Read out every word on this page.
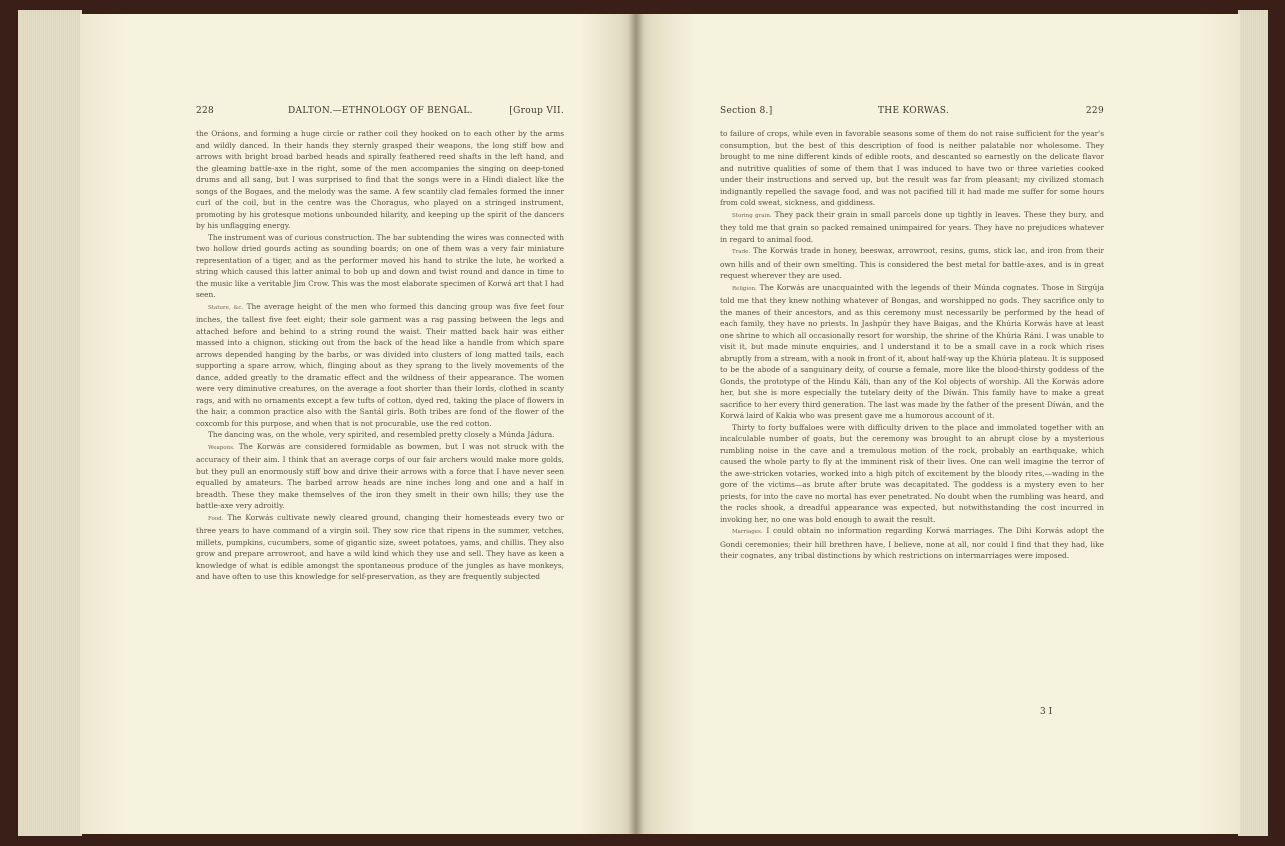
228	DALTON.—ETHNOLOGY OF BENGAL.	[Group VII.

the Oráons, and forming a huge circle or rather coil they hooked on to each other by the arms and wildly danced. In their hands they sternly grasped their weapons, the long stiff bow and arrows with bright broad barbed heads and spirally feathered reed shafts in the left hand, and the gleaming battle-axe in the right, some of the men accompanies the singing on deep-toned drums and all sang, but I was surprised to find that the songs were in a Hindi dialect like the songs of the Bogaes, and the melody was the same. A few scantily clad females formed the inner curl of the coil, but in the centre was the Choragus, who played on a stringed instrument, promoting by his grotesque motions unbounded hilarity, and keeping up the spirit of the dancers by his unflagging energy.

The instrument was of curious construction. The bar subtending the wires was connected with two hollow dried gourds acting as sounding boards; on one of them was a very fair miniature representation of a tiger, and as the performer moved his hand to strike the lute, he worked a string which caused this latter animal to bob up and down and twist round and dance in time to the music like a veritable Jim Crow. This was the most elaborate specimen of Korwá art that I had seen.

Stature, &c. The average height of the men who formed this dancing group was five feet four inches, the tallest five feet eight; their sole garment was a rag passing between the legs and attached before and behind to a string round the waist. Their matted back hair was either massed into a chignon, sticking out from the back of the head like a handle from which spare arrows depended hanging by the barbs, or was divided into clusters of long matted tails, each supporting a spare arrow, which, flinging about as they sprang to the lively movements of the dance, added greatly to the dramatic effect and the wildness of their appearance. The women were very diminutive creatures, on the average a foot shorter than their lords, clothed in scanty rags, and with no ornaments except a few tufts of cotton, dyed red, taking the place of flowers in the hair, a common practice also with the Santál girls. Both tribes are fond of the flower of the coxcomb for this purpose, and when that is not procurable, use the red cotton.

The dancing was, on the whole, very spirited, and resembled pretty closely a Múnda Jádura.

Weapons. The Korwás are considered formidable as bowmen, but I was not struck with the accuracy of their aim. I think that an average corps of our fair archers would make more golds, but they pull an enormously stiff bow and drive their arrows with a force that I have never seen equalled by amateurs. The barbed arrow heads are nine inches long and one and a half in breadth. These they make themselves of the iron they smelt in their own hills; they use the battle-axe very adroitly.

Food. The Korwás cultivate newly cleared ground, changing their homesteads every two or three years to have command of a virgin soil. They sow rice that ripens in the summer, vetches, millets, pumpkins, cucumbers, some of gigantic size, sweet potatoes, yams, and chillis. They also grow and prepare arrowroot, and have a wild kind which they use and sell. They have as keen a knowledge of what is edible amongst the spontaneous produce of the jungles as have monkeys, and have often to use this knowledge for self-preservation, as they are frequently subjected

Section 8.]	THE KORWAS.	229

to failure of crops, while even in favorable seasons some of them do not raise sufficient for the year's consumption, but the best of this description of food is neither palatable nor wholesome. They brought to me nine different kinds of edible roots, and descanted so earnestly on the delicate flavor and nutritive qualities of some of them that I was induced to have two or three varieties cooked under their instructions and served up, but the result was far from pleasant; my civilized stomach indignantly repelled the savage food, and was not pacified till it had made me suffer for some hours from cold sweat, sickness, and giddiness.

Storing grain. They pack their grain in small parcels done up tightly in leaves. These they bury, and they told me that grain so packed remained unimpaired for years. They have no prejudices whatever in regard to animal food.

Trade. The Korwás trade in honey, beeswax, arrowroot, resins, gums, stick lac, and iron from their own hills and of their own smelting. This is considered the best metal for battle-axes, and is in great request wherever they are used.

Religion. The Korwás are unacquainted with the legends of their Múnda cognates. Those in Sirgúja told me that they knew nothing whatever of Bongas, and worshipped no gods. They sacrifice only to the manes of their ancestors, and as this ceremony must necessarily be performed by the head of each family, they have no priests. In Jashpúr they have Baigas, and the Khúria Korwás have at least one shrine to which all occasionally resort for worship, the shrine of the Khúria Ráni. I was unable to visit it, but made minute enquiries, and I understand it to be a small cave in a rock which rises abruptly from a stream, with a nook in front of it, about half-way up the Khúria plateau. It is supposed to be the abode of a sanguinary deity, of course a female, more like the blood-thirsty goddess of the Gonds, the prototype of the Hindu Káli, than any of the Kol objects of worship. All the Korwás adore her, but she is more especially the tutelary deity of the Díwán. This family have to make a great sacrifice to her every third generation. The last was made by the father of the present Díwán, and the Korwá laird of Kakia who was present gave me a humorous account of it.

Thirty to forty buffaloes were with difficulty driven to the place and immolated together with an incalculable number of goats, but the ceremony was brought to an abrupt close by a mysterious rumbling noise in the cave and a tremulous motion of the rock, probably an earthquake, which caused the whole party to fly at the imminent risk of their lives. One can well imagine the terror of the awe-stricken votaries, worked into a high pitch of excitement by the bloody rites,—wading in the gore of the victims—as brute after brute was decapitated. The goddess is a mystery even to her priests, for into the cave no mortal has ever penetrated. No doubt when the rumbling was heard, and the rocks shook, a dreadful appearance was expected, but notwithstanding the cost incurred in invoking her, no one was bold enough to await the result.

Marriages. I could obtain no information regarding Korwá marriages. The Dihi Korwás adopt the Gondi ceremonies; their hill brethren have, I believe, none at all, nor could I find that they had, like their cognates, any tribal distinctions by which restrictions on intermarriages were imposed.

3 I
